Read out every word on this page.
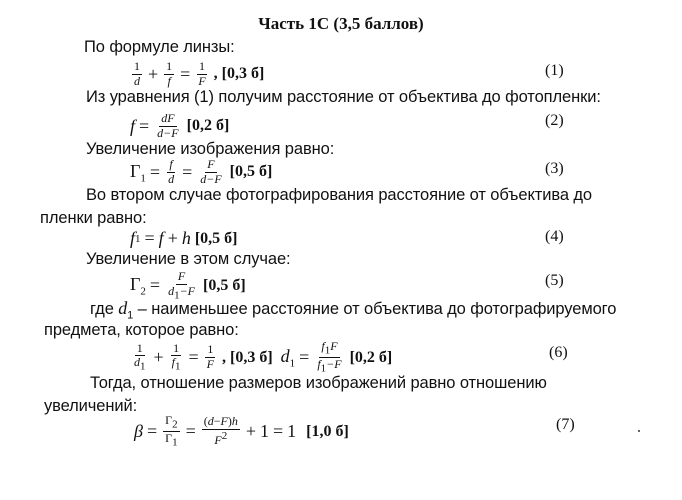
Часть 1С (3,5 баллов)
По формуле линзы:
$\frac{1}{d} + \frac{1}{f} = \frac{1}{F}$ , [0,3 б]	(1)
Из уравнения (1) получим расстояние от объектива до фотопленки:
$f = \frac{dF}{d-F} [0,2$ б]	(2)
Увеличение изображения равно:
$\Gamma_1 = \frac{f}{d} = \frac{F}{d-F} [0,5$ б]	(3)
Во втором случае фотографирования расстояние от объектива до
пленки равно:
f 1 = f + h [0,5 б]	(4)
Увеличение в этом случае:
$\Gamma_2 = \frac{F}{d_1-F} [0,5$ б]	(5)
где $d_1$ – наименьшее расстояние от объектива до фотографируемого
предмета, которое равно:
$\frac{1}{d_1} + \frac{1}{f_1} = \frac{1}{F}$ , [0,3 б] $d_1 = \frac{f_1F}{f_1-F} [0,2$ б]	(6)
Тогда, отношение размеров изображений равно отношению
увеличений:
$\beta = \frac{\Gamma_2}{\Gamma_1} = \frac{(d-F)h}{F^2} + 1 = 1$ [1,0 б]	(7)
